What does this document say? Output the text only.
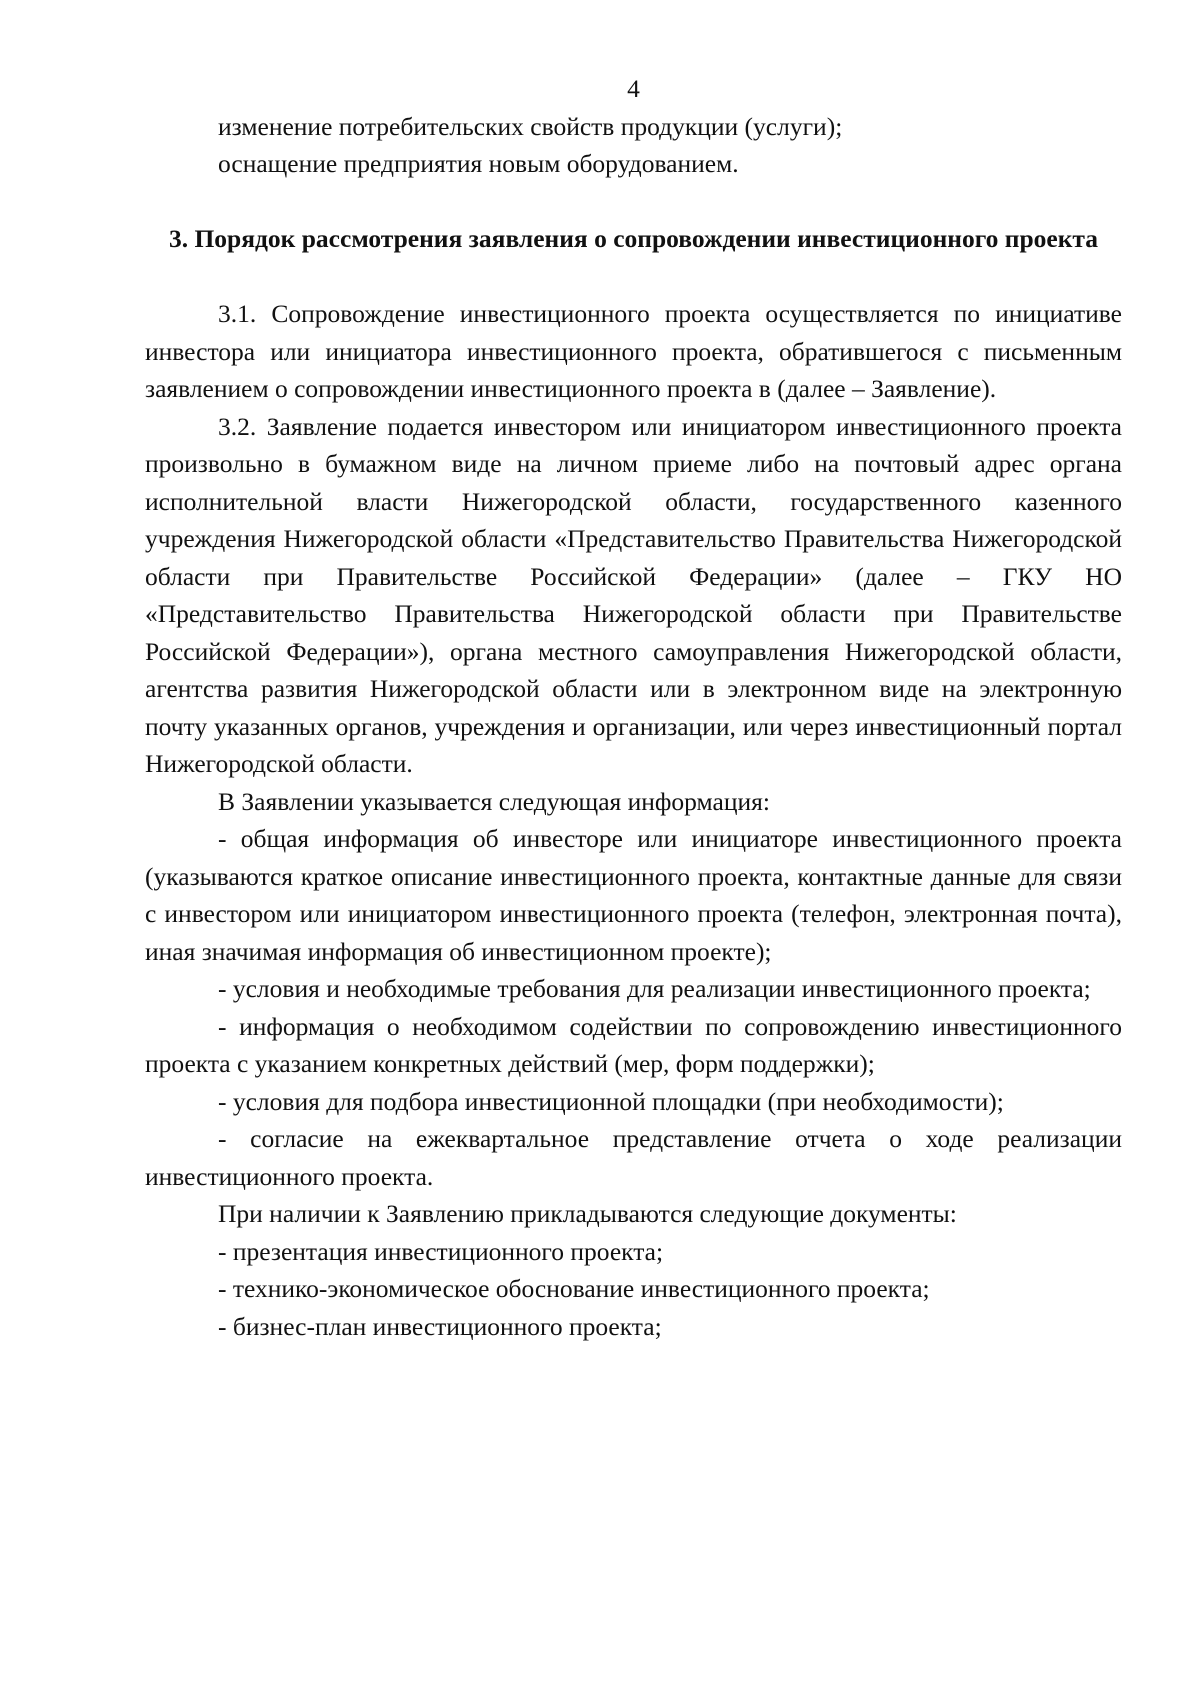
4

изменение потребительских свойств продукции (услуги);

оснащение предприятия новым оборудованием.

3. Порядок рассмотрения заявления о сопровождении инвестиционного проекта

3.1. Сопровождение инвестиционного проекта осуществляется по инициативе инвестора или инициатора инвестиционного проекта, обратившегося с письменным заявлением о сопровождении инвестиционного проекта в (далее – Заявление).

3.2. Заявление подается инвестором или инициатором инвестиционного проекта произвольно в бумажном виде на личном приеме либо на почтовый адрес органа исполнительной власти Нижегородской области, государственного казенного учреждения Нижегородской области «Представительство Правительства Нижегородской области при Правительстве Российской Федерации» (далее – ГКУ НО «Представительство Правительства Нижегородской области при Правительстве Российской Федерации»), органа местного самоуправления Нижегородской области, агентства развития Нижегородской области или в электронном виде на электронную почту указанных органов, учреждения и организации, или через инвестиционный портал Нижегородской области.

В Заявлении указывается следующая информация:

- общая информация об инвесторе или инициаторе инвестиционного проекта (указываются краткое описание инвестиционного проекта, контактные данные для связи с инвестором или инициатором инвестиционного проекта (телефон, электронная почта), иная значимая информация об инвестиционном проекте);

- условия и необходимые требования для реализации инвестиционного проекта;

- информация о необходимом содействии по сопровождению инвестиционного проекта с указанием конкретных действий (мер, форм поддержки);

- условия для подбора инвестиционной площадки (при необходимости);

- согласие на ежеквартальное представление отчета о ходе реализации инвестиционного проекта.

При наличии к Заявлению прикладываются следующие документы:

- презентация инвестиционного проекта;

- технико-экономическое обоснование инвестиционного проекта;

- бизнес-план инвестиционного проекта;
